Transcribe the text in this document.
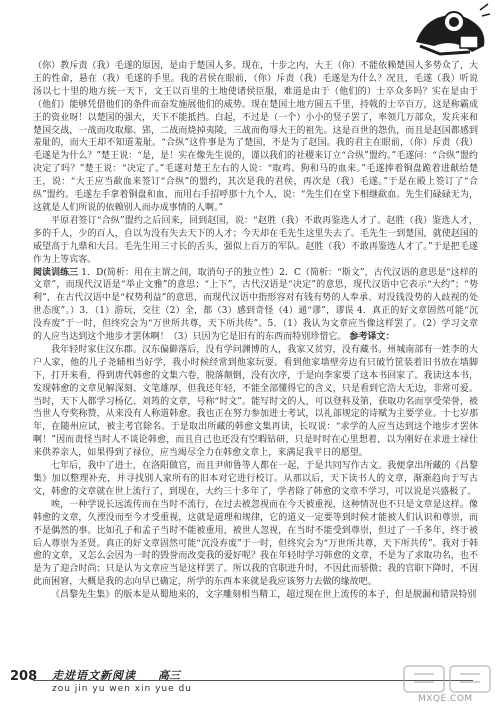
（你）教斥责（我）毛遂的原因，是由于楚国人多。现在，十步之内，大王（你）不能依赖楚国人多势众了，大王的性命，悬在（我）毛遂的手里。我的君侯在眼前，（你）斥责（我）毛遂是为什么？况且，毛遂（我）听说汤以七十里的地方统一天下，文王以百里的土地使诸侯臣服，难道是由于（他们的）士卒众多吗？实在是由于（他们）能够凭借他们的条件而奋发施展他们的威势。现在楚国土地方圆五千里，持戟的士卒百万，这是称霸成王的资业呀！以楚国的强大，天下不能抵挡。白起，不过是（一个）小小的竖子罢了，率领几万部众，发兵来和楚国交战，一战而攻取鄢、郢，二战而烧掉夷陵，三战而侮辱大王的祖先。这是百世的怨仇，而且是赵国都感到羞耻的，而大王却不知道羞耻。“合纵”这件事是为了楚国，不是为了赵国。我的君主在眼前，（你）斥责（我）毛遂是为什么？”楚王说：“是，是！实在像先生说的，谨以我们的社稷来订立“合纵”盟约。”毛遂问：“合纵”盟约决定了吗？”楚王说：“决定了。”毛遂对楚王左右的人说：“取鸡、狗和马的血来。”毛遂捧着铜盘跪着进献给楚王，说：“大王应当歃血来签订“合纵”的盟约，其次是我的君侯，再次是（我）毛遂。”于是在殿上签订了“合纵”盟约。毛遂左手拿着铜盘和血，而用右手招呼那十九个人，说：“先生们在堂下相继歃血。先生们碌碌无为，这就是人们所说的依赖别人而办成事情的人啊。”

平原君签订“合纵”盟约之后回来，回到赵国，说：“赵胜（我）不敢再鉴选人才了。赵胜（我）鉴选人才，多的千人，少的百人，自以为没有失去天下的人才；今天却在毛先生这里失去了。毛先生一到楚国，就使赵国的威望高于九鼎和大吕。毛先生用三寸长的舌头，强似上百万的军队。赵胜（我）不敢再鉴选人才了。”于是把毛遂作为上等宾客。

阅读训练三 1．D(简析：用在主谓之间，取消句子的独立性）2．C（简析：“斯文”，古代汉语的意思是“这样的文章”，而现代汉语是“举止文雅”的意思；“上下”，古代汉语是“决定”的意思，现代汉语中它表示“大约”；“势利”，在古代汉语中是“权势利益”的意思，而现代汉语中指形容对有钱有势的人奉承、对没钱没势的人歧视的处世态度”。）3．（1）游玩，交往（2）全，都（3）感到奇怪（4）通“谬”，谬误 4．真正的好文章固然可能“沉没弃废”于一时，但终究会为“万世所共尊，天下所共传”。5．（1）我认为文章应当像这样罢了。（2）学习文章的人应当达到这个地步才罢休啊！（3）只因为它是旧有的东西而特别珍惜它。 参考译文：

我年轻时家住汉东郡。汉东偏僻落后，没有学问渊博的人，我家又贫穷，没有藏书。州城南部有一姓李的大户人家，他的儿子尧辅相当好学，我小时候经常到他家玩耍。看到他家墙壁旁边有只破竹筐装着旧书放在墙脚下，打开来看，得到唐代韩愈的文集六卷，脱落颠倒，没有次序，于是向李家要了这本书回家了。我读这本书，发现韩愈的文章见解深刻、文笔雄厚，但我还年轻，不能全部懂得它的含义，只是看到它浩大无边，非常可爱。当时，天下人都学习杨亿、刘筠的文章，号称“时文”。能写时文的人，可以登科及第，获取功名而享受荣誉，被当世人夸奖称赞，从来没有人称道韩愈。我也正在努力参加进士考试，以礼部规定的诗赋为主要学业。十七岁那年，在随州应试，被主考官除名。于是取出所藏的韩愈文集再读，长叹说：“求学的人应当达到这个地步才罢休啊！”因而责怪当时人不谈论韩愈，而且自己也还没有空暇钻研，只是时时在心里想着，以为刚好在求进士禄仕来供养亲人，如果得到了禄位，应当竭尽全力在韩愈文章上，来满足我平日的愿望。

七年后，我中了进士，在洛阳做官，而且尹师鲁等人都在一起，于是共同写作古文。我便拿出所藏的《昌黎集》加以整理补充，并寻找别人家所有的旧本对它进行校订。从那以后，天下读书人的文章，渐渐趋向于写古文，韩愈的文章就在世上流行了，到现在，大约三十多年了，学者除了韩愈的文章不学习，可以说是兴盛极了。

唉，一种学说长远流传而在当时不流行，在过去被忽视而在今天被重视，这种情况也不只是文章是这样。像韩愈的文章，久湮没而至今才受重视，这就是道理和规律，它的道义一定要等到时候才能被人们认识和尊崇，而不是偶然的事。比如孔子和孟子当时不能被重用，被世人忽视，在当时不能受到尊崇，但过了一千多年，终于被后人尊崇为圣贤。真正的好文章固然可能“沉没弃废”于一时，但终究会为“万世所共尊，天下所共传”。我对于韩愈的文章，又怎么会因为一时的毁誉而改变我的爱好呢？我在年轻时学习韩愈的文章，不是为了求取功名，也不是为了迎合时尚；只是认为文章应当是这样罢了。所以我的官职进升时，不因此而骄傲；我的官职下降时，不因此而困窘，大概是我的志向早已确定，所学的东西本来就是我应该努力去做的缘故吧。

《昌黎先生集》的版本是从蜀地来的，文字雕刻相当精工，超过现在世上流传的本子，但是脱漏和错误特别

208 走进语文新阅读 高三
zou jin yu wen xin yue du
MXQE.COM
